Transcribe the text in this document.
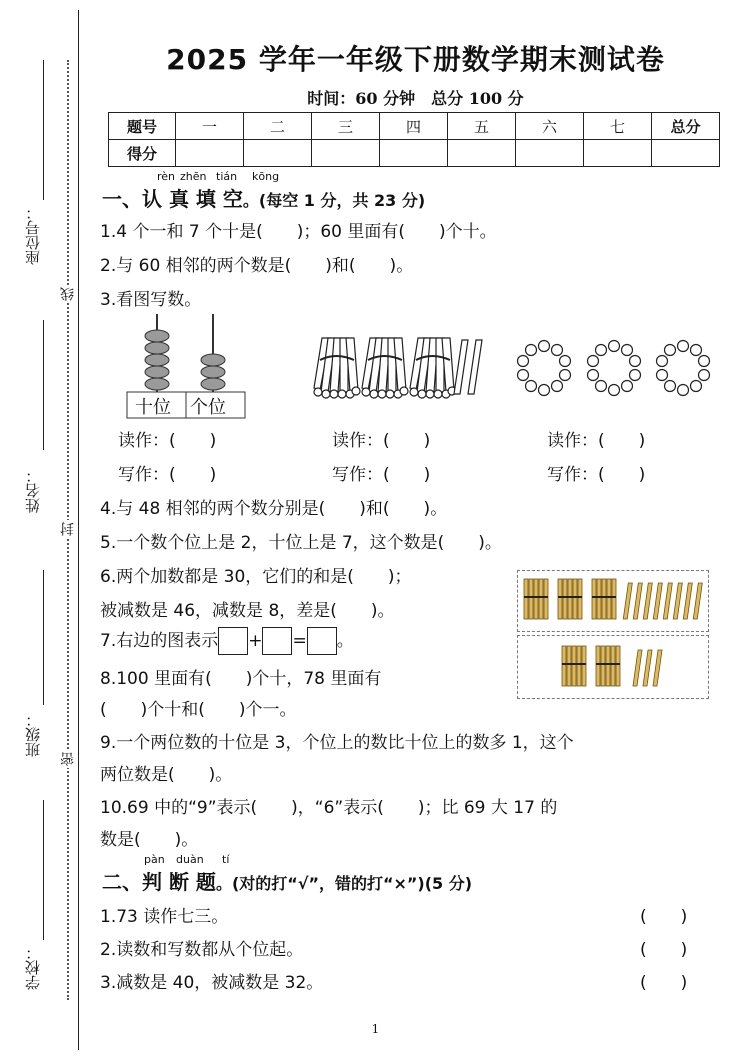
座位号：
姓名：
班级：
学校：
线
封
密
2025 学年一年级下册数学期末测试卷
时间：60 分钟　总分 100 分
题号	一	二	三	四	五	六	七	总分
得分								
rèn zhēn tián kōng
一、认 真 填 空。(每空 1 分，共 23 分)
1.4 个一和 7 个十是(　　)；60 里面有(　　)个十。
2.与 60 相邻的两个数是(　　)和(　　)。
3.看图写数。
十位 个位
读作：(　　)	读作：(　　)	读作：(　　)
写作：(　　)	写作：(　　)	写作：(　　)
4.与 48 相邻的两个数分别是(　　)和(　　)。
5.一个数个位上是 2，十位上是 7，这个数是(　　)。
6.两个加数都是 30，它们的和是(　　)；
被减数是 46，减数是 8，差是(　　)。
7.右边的图表示 + = 。
8.100 里面有(　　)个十，78 里面有
(　　)个十和(　　)个一。
9.一个两位数的十位是 3，个位上的数比十位上的数多 1，这个
两位数是(　　)。
10.69 中的“9”表示(　　)，“6”表示(　　)；比 69 大 17 的
数是(　　)。
pàn duàn tí
二、判 断 题。(对的打“√”，错的打“×”)(5 分)
1.73 读作七三。	(　　)
2.读数和写数都从个位起。	(　　)
3.减数是 40，被减数是 32。	(　　)
1
